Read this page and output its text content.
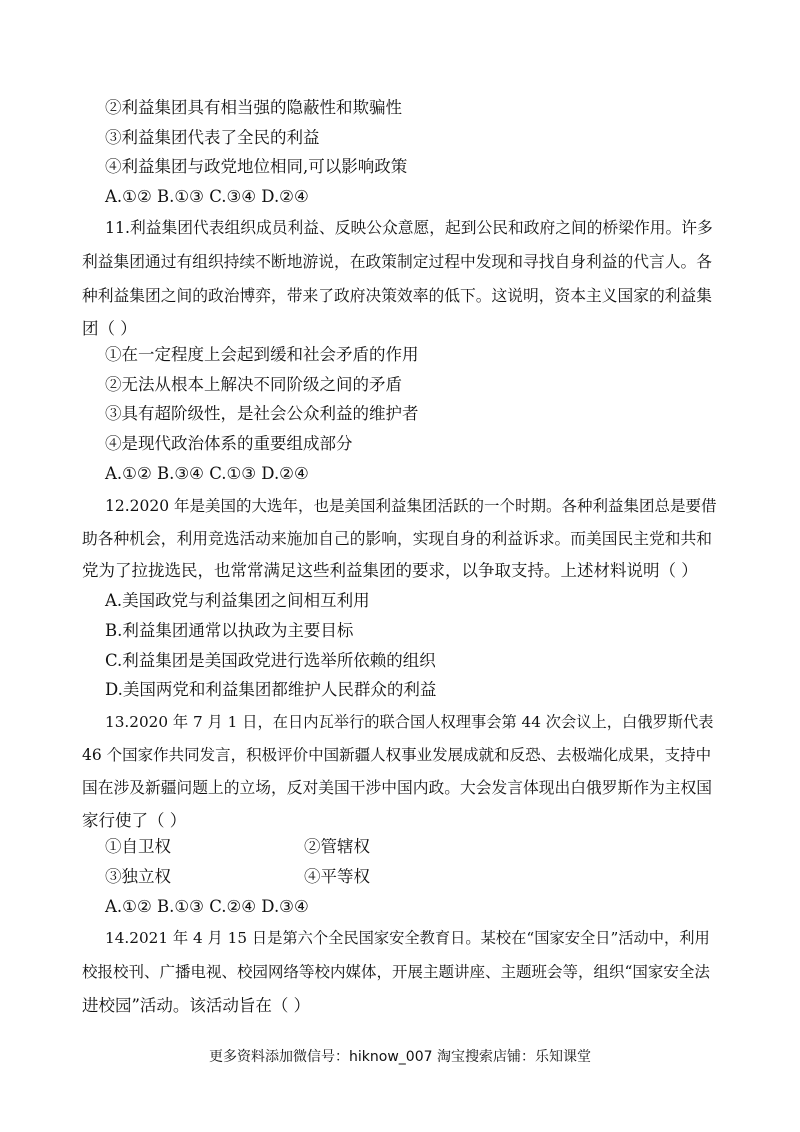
②利益集团具有相当强的隐蔽性和欺骗性
③利益集团代表了全民的利益
④利益集团与政党地位相同,可以影响政策
A.①② B.①③ C.③④ D.②④
11.利益集团代表组织成员利益、反映公众意愿，起到公民和政府之间的桥梁作用。许多
利益集团通过有组织持续不断地游说，在政策制定过程中发现和寻找自身利益的代言人。各
种利益集团之间的政治博弈，带来了政府决策效率的低下。这说明，资本主义国家的利益集
团（ ）
①在一定程度上会起到缓和社会矛盾的作用
②无法从根本上解决不同阶级之间的矛盾
③具有超阶级性，是社会公众利益的维护者
④是现代政治体系的重要组成部分
A.①② B.③④ C.①③ D.②④
12.2020 年是美国的大选年，也是美国利益集团活跃的一个时期。各种利益集团总是要借
助各种机会，利用竞选活动来施加自己的影响，实现自身的利益诉求。而美国民主党和共和
党为了拉拢选民，也常常满足这些利益集团的要求，以争取支持。上述材料说明（ ）
A.美国政党与利益集团之间相互利用
B.利益集团通常以执政为主要目标
C.利益集团是美国政党进行选举所依赖的组织
D.美国两党和利益集团都维护人民群众的利益
13.2020 年 7 月 1 日，在日内瓦举行的联合国人权理事会第 44 次会议上，白俄罗斯代表
46 个国家作共同发言，积极评价中国新疆人权事业发展成就和反恐、去极端化成果，支持中
国在涉及新疆问题上的立场，反对美国干涉中国内政。大会发言体现出白俄罗斯作为主权国
家行使了（ ）
①自卫权	②管辖权
③独立权	④平等权
A.①② B.①③ C.②④ D.③④
14.2021 年 4 月 15 日是第六个全民国家安全教育日。某校在“国家安全日”活动中，利用
校报校刊、广播电视、校园网络等校内媒体，开展主题讲座、主题班会等，组织“国家安全法
进校园”活动。该活动旨在（ ）
更多资料添加微信号：hiknow_007 淘宝搜索店铺：乐知课堂
